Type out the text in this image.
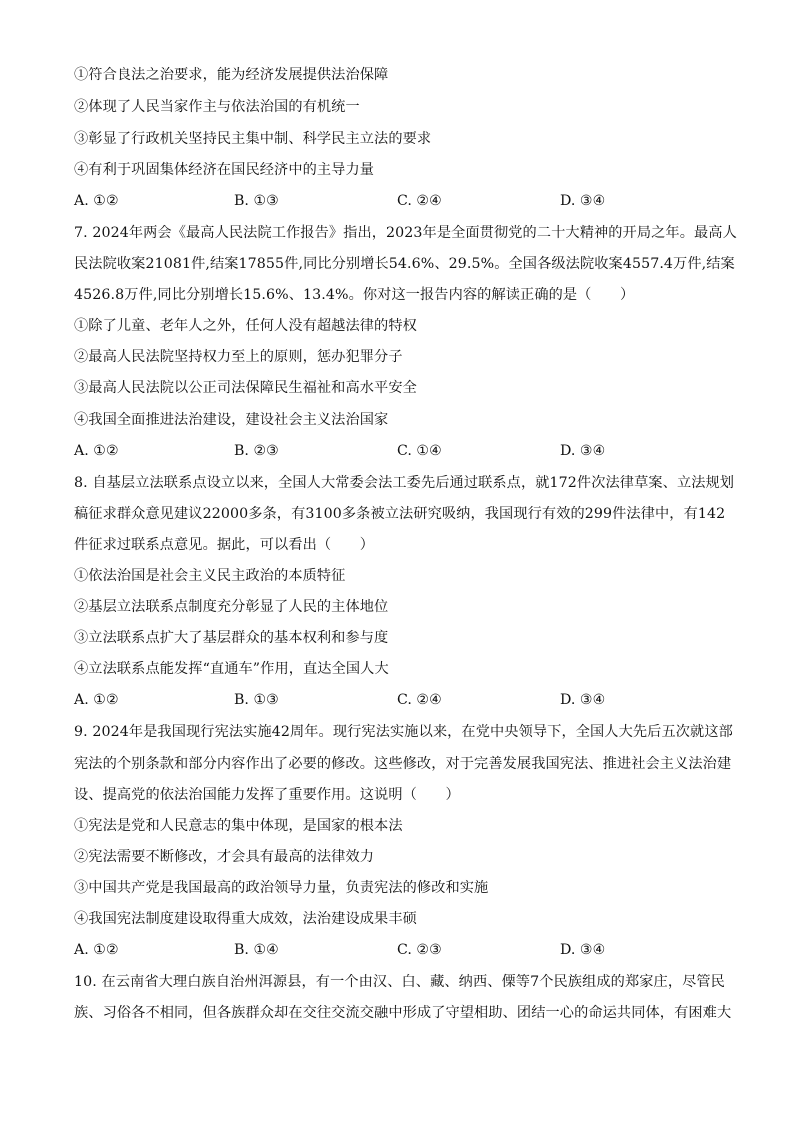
①符合良法之治要求，能为经济发展提供法治保障
②体现了人民当家作主与依法治国的有机统一
③彰显了行政机关坚持民主集中制、科学民主立法的要求
④有利于巩固集体经济在国民经济中的主导力量
A. ①②	B. ①③	C. ②④	D. ③④
7. 2024年两会《最高人民法院工作报告》指出，2023年是全面贯彻党的二十大精神的开局之年。最高人
民法院收案21081件,结案17855件,同比分别增长54.6%、29.5%。全国各级法院收案4557.4万件,结案
4526.8万件,同比分别增长15.6%、13.4%。你对这一报告内容的解读正确的是（　　）
①除了儿童、老年人之外，任何人没有超越法律的特权
②最高人民法院坚持权力至上的原则，惩办犯罪分子
③最高人民法院以公正司法保障民生福祉和高水平安全
④我国全面推进法治建设，建设社会主义法治国家
A. ①②	B. ②③	C. ①④	D. ③④
8. 自基层立法联系点设立以来，全国人大常委会法工委先后通过联系点，就172件次法律草案、立法规划
稿征求群众意见建议22000多条，有3100多条被立法研究吸纳，我国现行有效的299件法律中，有142
件征求过联系点意见。据此，可以看出（　　）
①依法治国是社会主义民主政治的本质特征
②基层立法联系点制度充分彰显了人民的主体地位
③立法联系点扩大了基层群众的基本权利和参与度
④立法联系点能发挥“直通车”作用，直达全国人大
A. ①②	B. ①③	C. ②④	D. ③④
9. 2024年是我国现行宪法实施42周年。现行宪法实施以来，在党中央领导下，全国人大先后五次就这部
宪法的个别条款和部分内容作出了必要的修改。这些修改，对于完善发展我国宪法、推进社会主义法治建
设、提高党的依法治国能力发挥了重要作用。这说明（　　）
①宪法是党和人民意志的集中体现，是国家的根本法
②宪法需要不断修改，才会具有最高的法律效力
③中国共产党是我国最高的政治领导力量，负责宪法的修改和实施
④我国宪法制度建设取得重大成效，法治建设成果丰硕
A. ①②	B. ①④	C. ②③	D. ③④
10. 在云南省大理白族自治州洱源县，有一个由汉、白、藏、纳西、傈等7个民族组成的郑家庄，尽管民
族、习俗各不相同，但各族群众却在交往交流交融中形成了守望相助、团结一心的命运共同体，有困难大
